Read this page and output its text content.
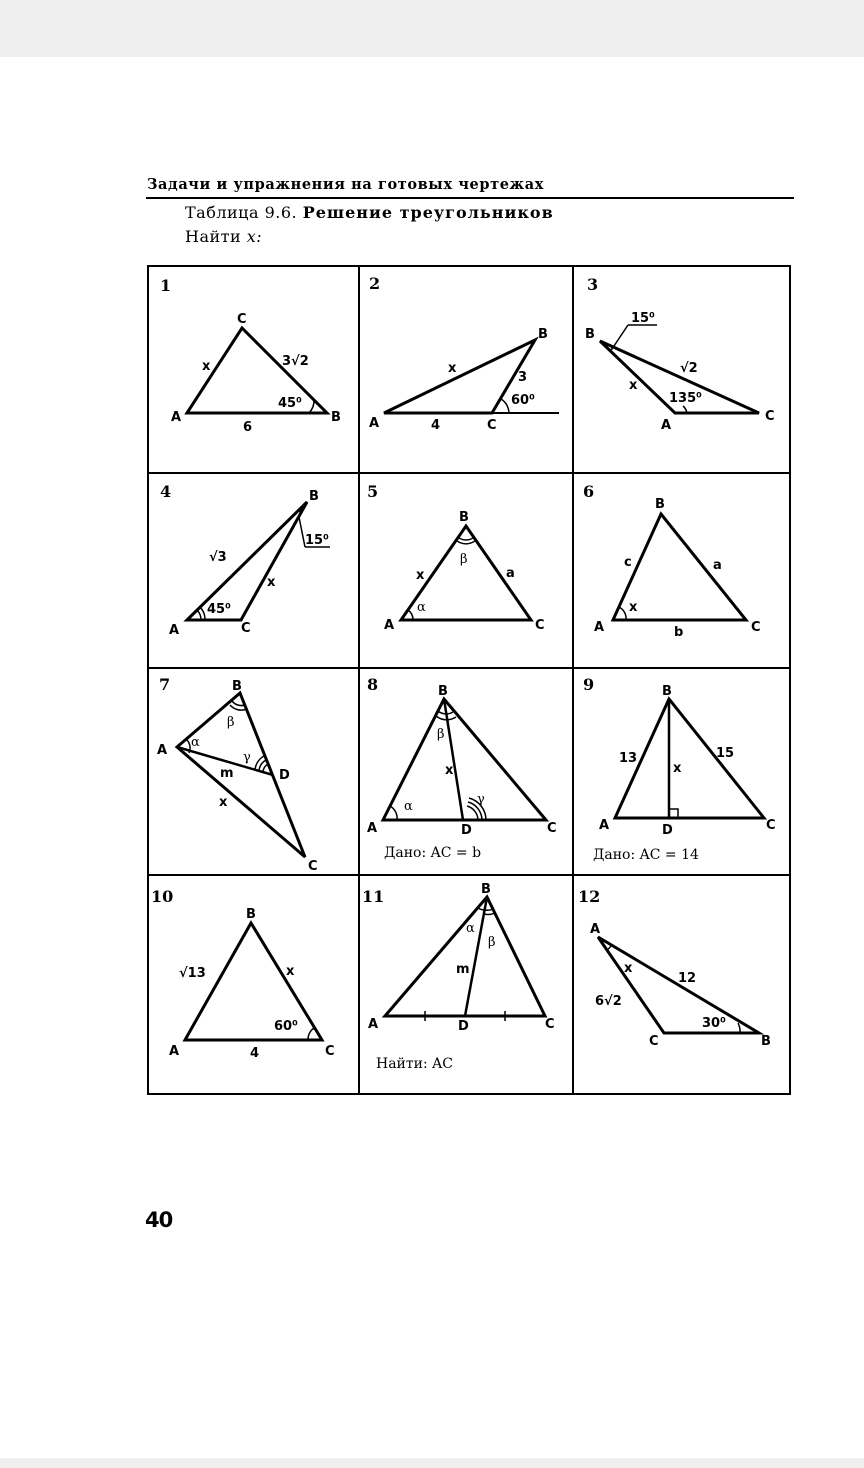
Задачи и упражнения на готовых чертежах
Таблица 9.6. Решение треугольников
Найти x:
1
A
C
B
x	3√2
6
45⁰
2
A
B
C
x
3
4
60⁰
3
B
A
C
x
√2
15⁰
135⁰
4
A
B
C
x
√3
45⁰
15⁰
5
A
B
C
x	a
α
β
6
A
B
C
c	a
b
x
7
A
B
C
D
x
m
α
β
γ
8
A
B
C
D
x
α
β
γ
Дано: AC = b
9
A
B
C
D
x
13	15
Дано: AC = 14
10
A
B
C
x
√13
4
60⁰
11
A
B
C
D
m
α
β
Найти: AC
12
A
C	B
x
6√2
12
30⁰
40
